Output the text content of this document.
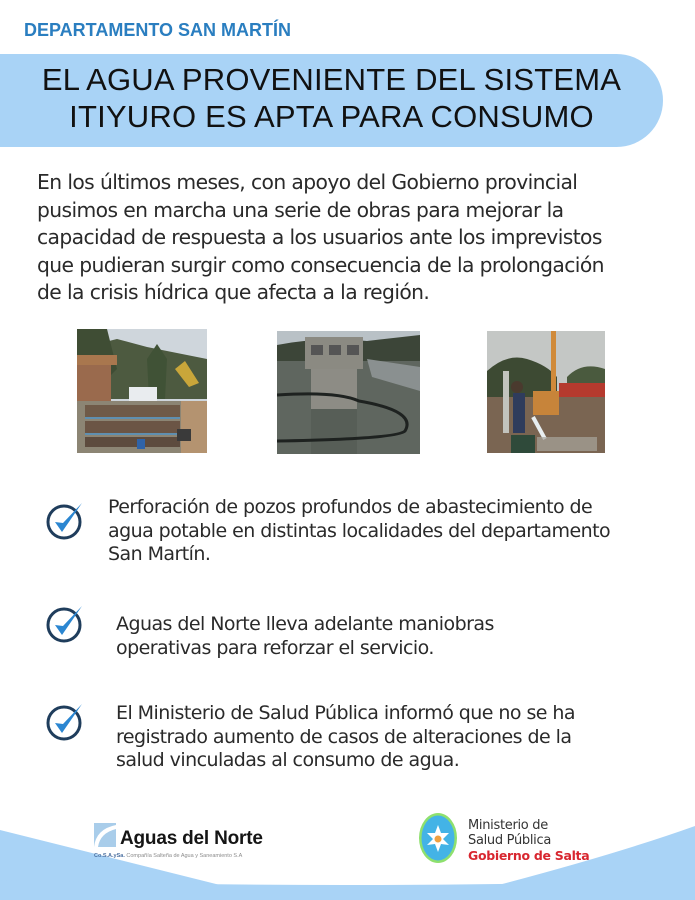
DEPARTAMENTO SAN MARTÍN
EL AGUA PROVENIENTE DEL SISTEMA
ITIYURO ES APTA PARA CONSUMO
En los últimos meses, con apoyo del Gobierno provincial
pusimos en marcha una serie de obras para mejorar la
capacidad de respuesta a los usuarios ante los imprevistos
que pudieran surgir como consecuencia de la prolongación
de la crisis hídrica que afecta a la región.
Perforación de pozos profundos de abastecimiento de
agua potable en distintas localidades del departamento
San Martín.
Aguas del Norte lleva adelante maniobras
operativas para reforzar el servicio.
El Ministerio de Salud Pública informó que no se ha
registrado aumento de casos de alteraciones de la
salud vinculadas al consumo de agua.
Aguas del Norte
Co.S.A.ySa. Compañía Salteña de Agua y Saneamiento S.A
Ministerio de
Salud Pública
Gobierno de Salta
